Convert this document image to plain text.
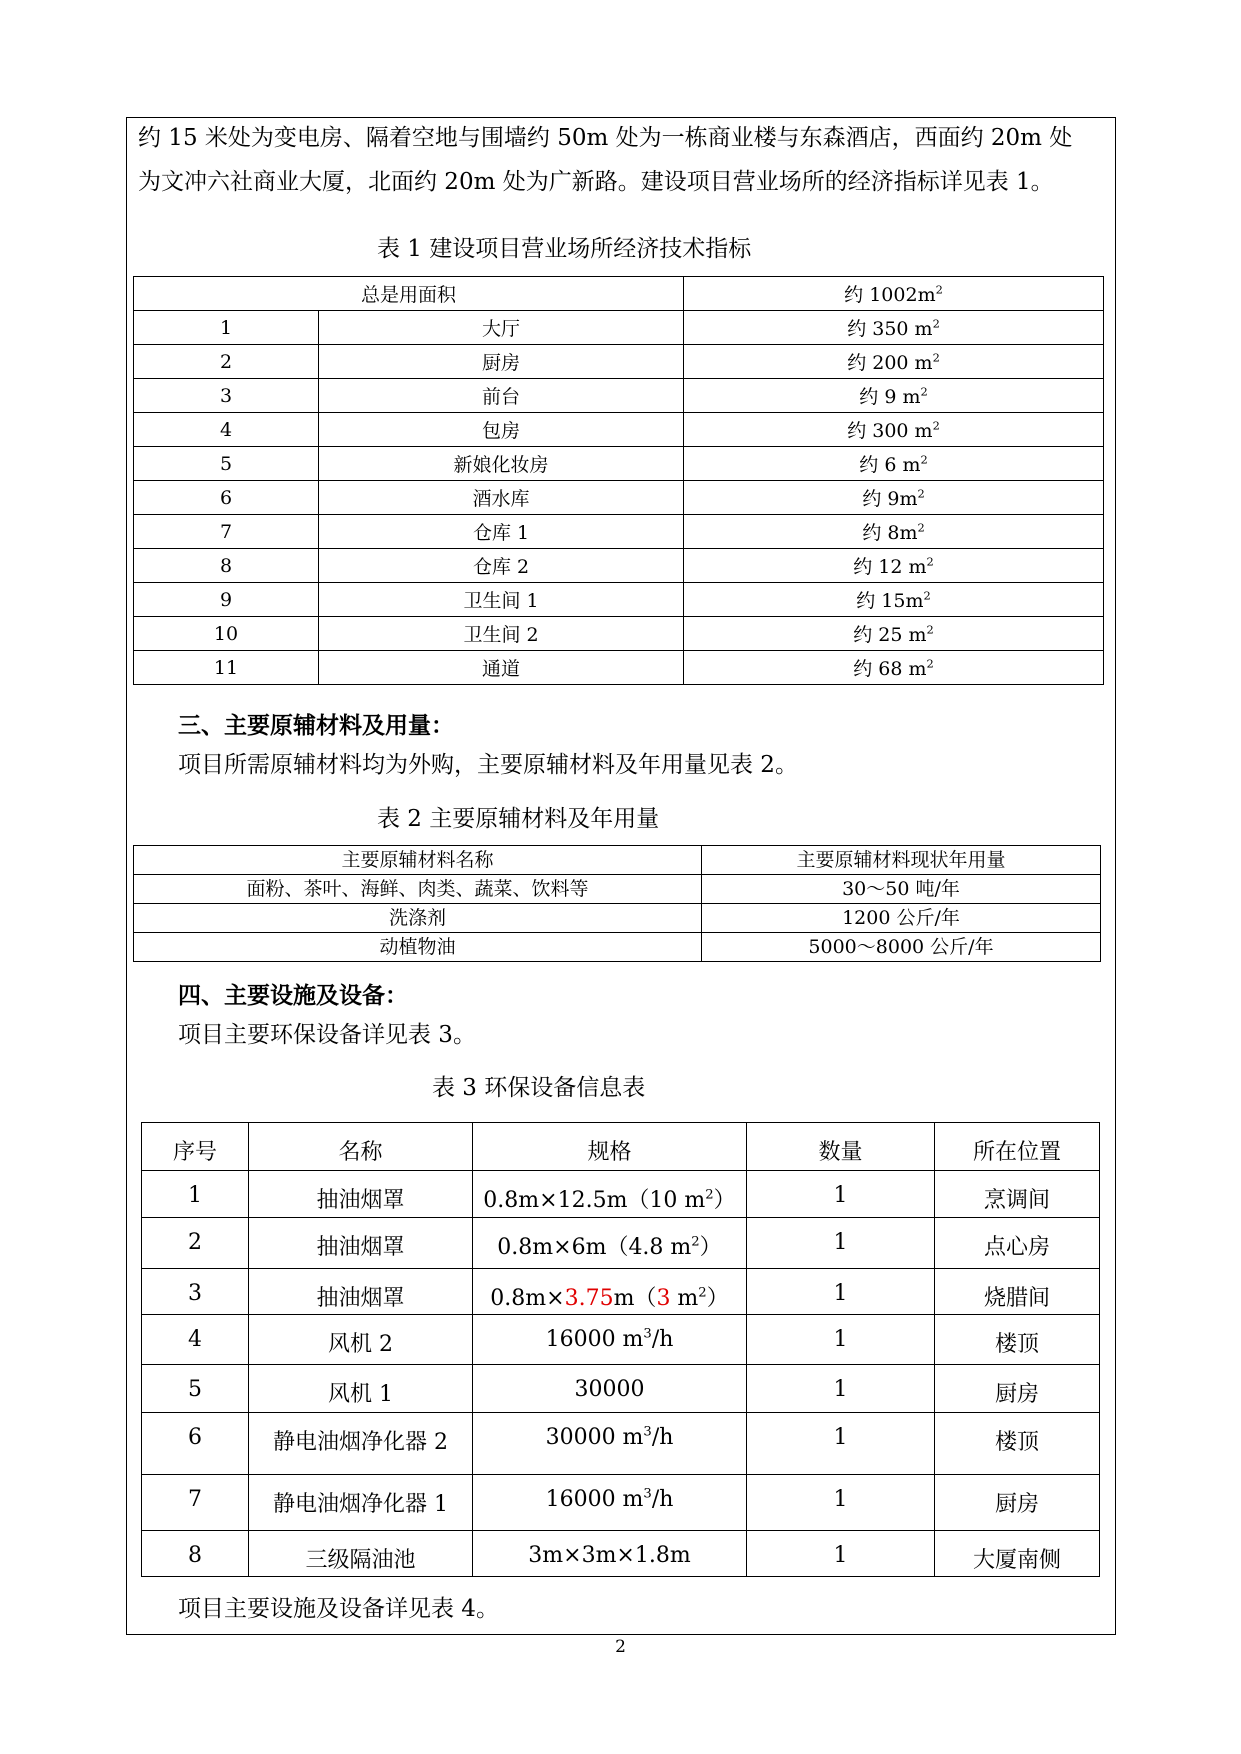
约 15 米处为变电房、隔着空地与围墙约 50m 处为一栋商业楼与东森酒店，西面约 20m 处
为文冲六社商业大厦，北面约 20m 处为广新路。建设项目营业场所的经济指标详见表 1。
表 1 建设项目营业场所经济技术指标
总是用面积		约 $1002m^2$
1	大厅	约 350 $m^2$
2	厨房	约 200 $m^2$
3	前台	约 9 $m^2$
4	包房	约 300 $m^2$
5	新娘化妆房	约 6 $m^2$
6	酒水库	约 $9m^2$
7	仓库 1	约 $8m^2$
8	仓库 2	约 12 $m^2$
9	卫生间 1	约 $15m^2$
10	卫生间 2	约 25 $m^2$
11	通道	约 68 $m^2$
三、主要原辅材料及用量：
项目所需原辅材料均为外购，主要原辅材料及年用量见表 2。
表 2 主要原辅材料及年用量
主要原辅材料名称	主要原辅材料现状年用量
面粉、茶叶、海鲜、肉类、蔬菜、饮料等	30～50 吨/年
洗涤剂	1200 公斤/年
动植物油	5000～8000 公斤/年
四、主要设施及设备：
项目主要环保设备详见表 3。
表 3 环保设备信息表
序号	名称	规格	数量	所在位置
1	抽油烟罩	0.8m×12.5m（10 $m^2$）	1	烹调间
2	抽油烟罩	0.8m×6m（4.8 $m^2$）	1	点心房
3	抽油烟罩	0.8m×3.75m（3 $m^2$）	1	烧腊间
4	风机 2	16000 $m^3/h$	1	楼顶
5	风机 1	30000	1	厨房
6	静电油烟净化器 2	30000 $m^3/h$	1	楼顶
7	静电油烟净化器 1	16000 $m^3/h$	1	厨房
8	三级隔油池	3m×3m×1.8m	1	大厦南侧
项目主要设施及设备详见表 4。
2
